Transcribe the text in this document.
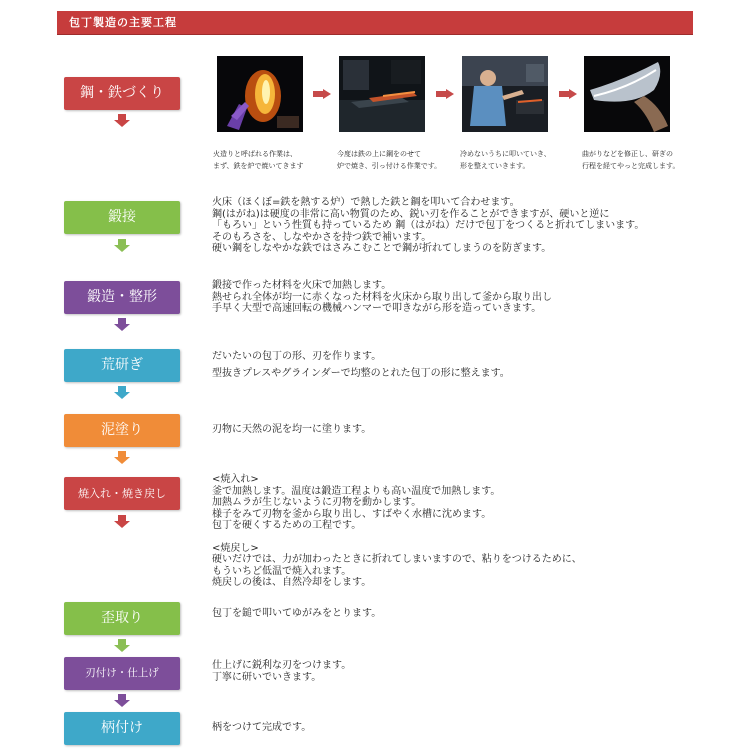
包丁製造の主要工程
鋼・鉄づくり
火造りと呼ばれる作業は、
まず、鉄を炉で焼いてきます
今度は鉄の上に鋼をのせて
炉で焼き、引っ付ける作業です。
冷めないうちに叩いていき、
形を整えていきます。
曲がりなどを修正し、研ぎの
行程を経てやっと完成します。
鍛接
火床（ほくぼ=鉄を熱する炉）で熱した鉄と鋼を叩いて合わせます。
鋼(はがね)は硬度の非常に高い物質のため、鋭い刃を作ることができますが、硬いと逆に
「もろい」という性質も持っているため 鋼（はがね）だけで包丁をつくると折れてしまいます。
そのもろさを、しなやかさを持つ鉄で補います。
硬い鋼をしなやかな鉄ではさみこむことで鋼が折れてしまうのを防ぎます。
鍛造・整形
鍛接で作った材料を火床で加熱します。
熱せられ全体が均一に赤くなった材料を火床から取り出して釜から取り出し
手早く大型で高速回転の機械ハンマーで叩きながら形を造っていきます。
荒研ぎ
だいたいの包丁の形、刃を作ります。
型抜きプレスやグラインダーで均整のとれた包丁の形に整えます。
泥塗り	刃物に天然の泥を均一に塗ります。
焼入れ・焼き戻し
<焼入れ>
釜で加熱します。温度は鍛造工程よりも高い温度で加熱します。
加熱ムラが生じないように刃物を動かします。
様子をみて刃物を釜から取り出し、すばやく水槽に沈めます。
包丁を硬くするための工程です。
<焼戻し>
硬いだけでは、力が加わったときに折れてしまいますので、粘りをつけるために、
もういちど低温で焼入れます。
焼戻しの後は、自然冷却をします。
歪取り	包丁を鎚で叩いてゆがみをとります。
刃付け・仕上げ
仕上げに鋭利な刃をつけます。
丁寧に研いでいきます。
柄付け	柄をつけて完成です。
